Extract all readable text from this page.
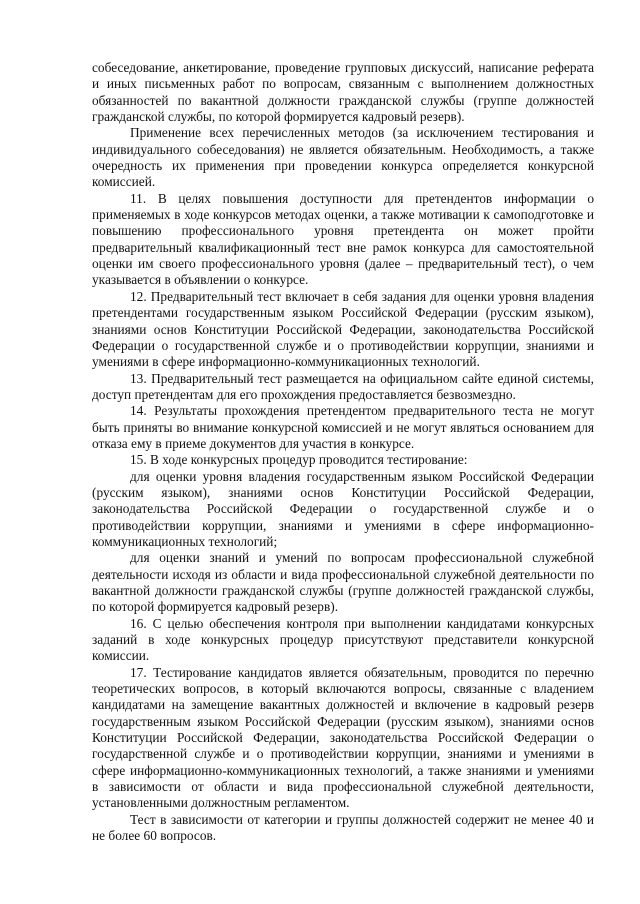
собеседование, анкетирование, проведение групповых дискуссий, написание реферата и иных письменных работ по вопросам, связанным с выполнением должностных обязанностей по вакантной должности гражданской службы (группе должностей гражданской службы, по которой формируется кадровый резерв).

Применение всех перечисленных методов (за исключением тестирования и индивидуального собеседования) не является обязательным. Необходимость, а также очередность их применения при проведении конкурса определяется конкурсной комиссией.

11. В целях повышения доступности для претендентов информации о применяемых в ходе конкурсов методах оценки, а также мотивации к самоподготовке и повышению профессионального уровня претендента он может пройти предварительный квалификационный тест вне рамок конкурса для самостоятельной оценки им своего профессионального уровня (далее – предварительный тест), о чем указывается в объявлении о конкурсе.

12. Предварительный тест включает в себя задания для оценки уровня владения претендентами государственным языком Российской Федерации (русским языком), знаниями основ Конституции Российской Федерации, законодательства Российской Федерации о государственной службе и о противодействии коррупции, знаниями и умениями в сфере информационно-коммуникационных технологий.

13. Предварительный тест размещается на официальном сайте единой системы, доступ претендентам для его прохождения предоставляется безвозмездно.

14. Результаты прохождения претендентом предварительного теста не могут быть приняты во внимание конкурсной комиссией и не могут являться основанием для отказа ему в приеме документов для участия в конкурсе.

15. В ходе конкурсных процедур проводится тестирование:

для оценки уровня владения государственным языком Российской Федерации (русским языком), знаниями основ Конституции Российской Федерации, законодательства Российской Федерации о государственной службе и о противодействии коррупции, знаниями и умениями в сфере информационно-коммуникационных технологий;

для оценки знаний и умений по вопросам профессиональной служебной деятельности исходя из области и вида профессиональной служебной деятельности по вакантной должности гражданской службы (группе должностей гражданской службы, по которой формируется кадровый резерв).

16. С целью обеспечения контроля при выполнении кандидатами конкурсных заданий в ходе конкурсных процедур присутствуют представители конкурсной комиссии.

17. Тестирование кандидатов является обязательным, проводится по перечню теоретических вопросов, в который включаются вопросы, связанные с владением кандидатами на замещение вакантных должностей и включение в кадровый резерв государственным языком Российской Федерации (русским языком), знаниями основ Конституции Российской Федерации, законодательства Российской Федерации о государственной службе и о противодействии коррупции, знаниями и умениями в сфере информационно-коммуникационных технологий, а также знаниями и умениями в зависимости от области и вида профессиональной служебной деятельности, установленными должностным регламентом.

Тест в зависимости от категории и группы должностей содержит не менее 40 и не более 60 вопросов.
